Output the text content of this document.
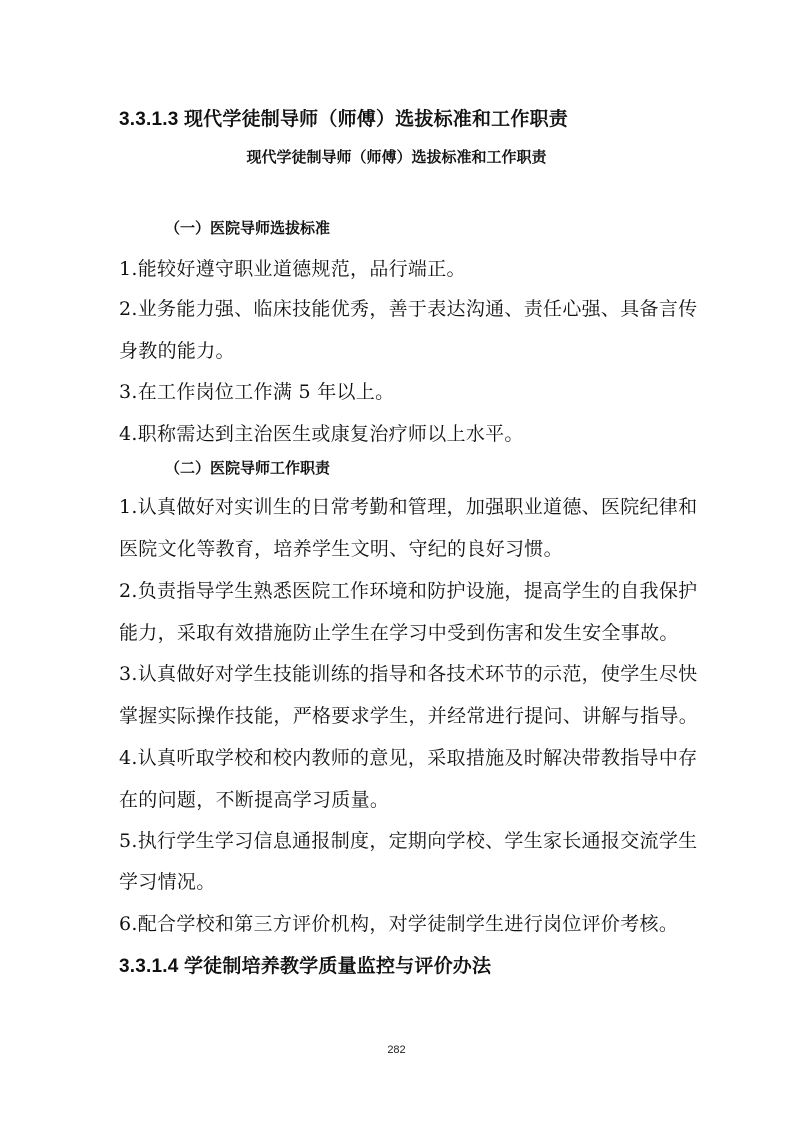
3.3.1.3 现代学徒制导师（师傅）选拔标准和工作职责
现代学徒制导师（师傅）选拔标准和工作职责
（一）医院导师选拔标准
1.能较好遵守职业道德规范，品行端正。
2.业务能力强、临床技能优秀，善于表达沟通、责任心强、具备言传
身教的能力。
3.在工作岗位工作满 5 年以上。
4.职称需达到主治医生或康复治疗师以上水平。
（二）医院导师工作职责
1.认真做好对实训生的日常考勤和管理，加强职业道德、医院纪律和
医院文化等教育，培养学生文明、守纪的良好习惯。
2.负责指导学生熟悉医院工作环境和防护设施，提高学生的自我保护
能力，采取有效措施防止学生在学习中受到伤害和发生安全事故。
3.认真做好对学生技能训练的指导和各技术环节的示范，使学生尽快
掌握实际操作技能，严格要求学生，并经常进行提问、讲解与指导。
4.认真听取学校和校内教师的意见，采取措施及时解决带教指导中存
在的问题，不断提高学习质量。
5.执行学生学习信息通报制度，定期向学校、学生家长通报交流学生
学习情况。
6.配合学校和第三方评价机构，对学徒制学生进行岗位评价考核。
3.3.1.4 学徒制培养教学质量监控与评价办法
282
